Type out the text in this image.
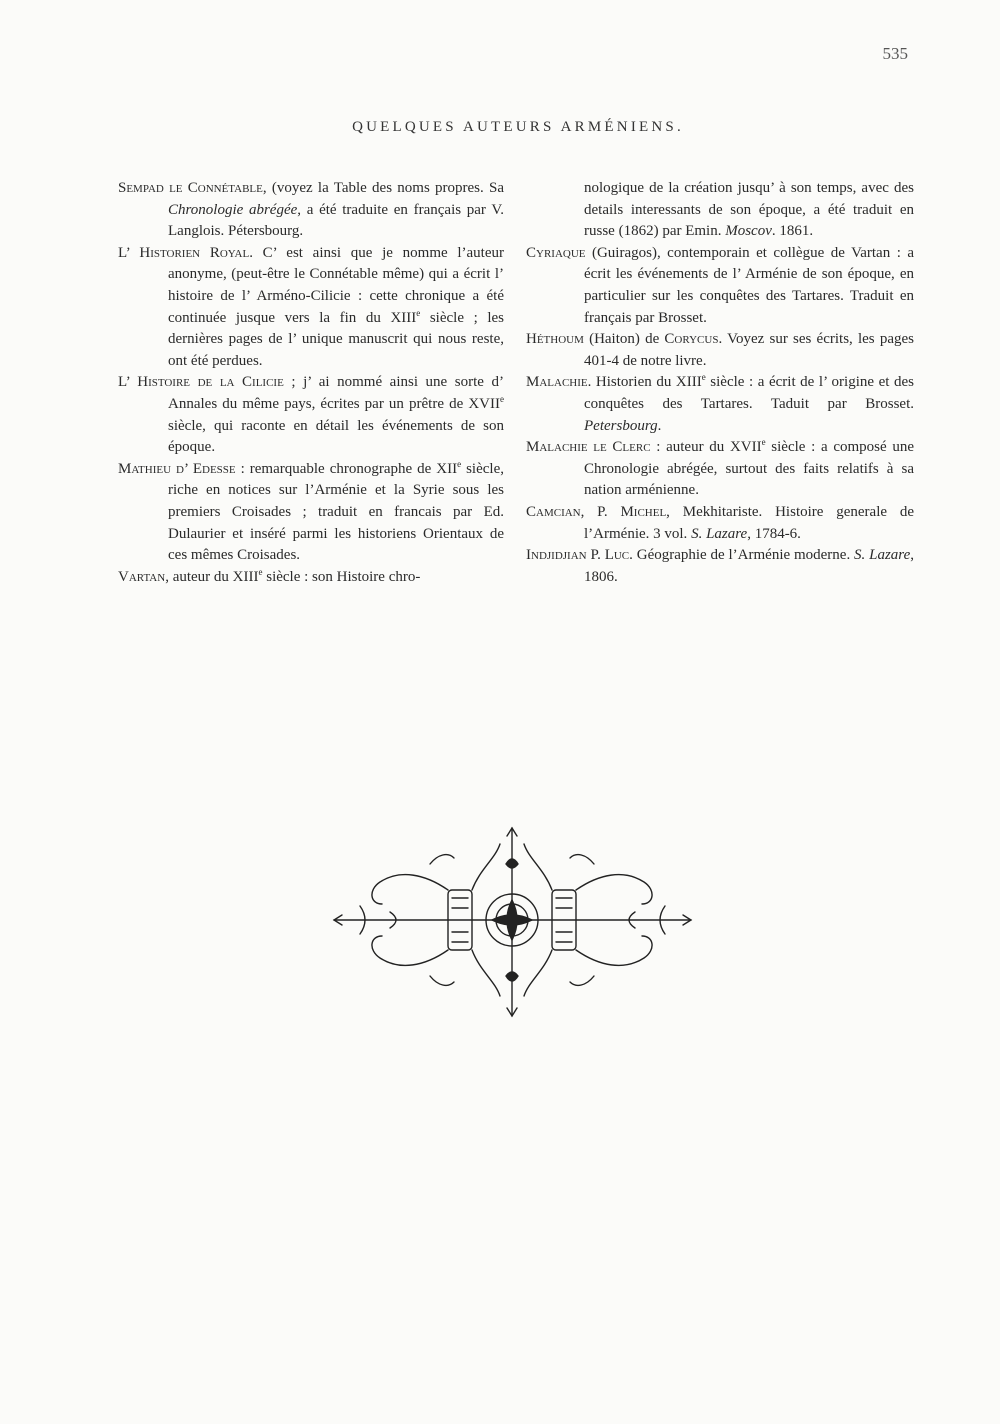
535
QUELQUES AUTEURS ARMÉNIENS.

Sempad le Connétable, (voyez la Table des noms propres. Sa Chronologie abrégée, a été traduite en français par V. Langlois. Pétersbourg.

L’ Historien Royal. C’ est ainsi que je nomme l’auteur anonyme, (peut-être le Connétable même) qui a écrit l’ histoire de l’ Arméno-Cilicie : cette chronique a été continuée jusque vers la fin du XIIIe siècle ; les dernières pages de l’ unique manuscrit qui nous reste, ont été perdues.

L’ Histoire de la Cilicie ; j’ ai nommé ainsi une sorte d’ Annales du même pays, écrites par un prêtre de XVIIe siècle, qui raconte en détail les événements de son époque.

Mathieu d’ Edesse : remarquable chronographe de XIIe siècle, riche en notices sur l’Arménie et la Syrie sous les premiers Croisades ; traduit en francais par Ed. Dulaurier et inséré parmi les historiens Orientaux de ces mêmes Croisades.

Vartan, auteur du XIIIe siècle : son Histoire chro-

nologique de la création jusqu’ à son temps, avec des details interessants de son époque, a été traduit en russe (1862) par Emin. Moscov. 1861.

Cyriaque (Guiragos), contemporain et collègue de Vartan : a écrit les événements de l’ Arménie de son époque, en particulier sur les conquêtes des Tartares. Traduit en français par Brosset.

Héthoum (Haiton) de Corycus. Voyez sur ses écrits, les pages 401-4 de notre livre.

Malachie. Historien du XIIIe siècle : a écrit de l’ origine et des conquêtes des Tartares. Taduit par Brosset. Petersbourg.

Malachie le Clerc : auteur du XVIIe siècle : a composé une Chronologie abrégée, surtout des faits relatifs à sa nation arménienne.

Camcian, P. Michel, Mekhitariste. Histoire generale de l’Arménie. 3 vol. S. Lazare, 1784-6.

Indjidjian P. Luc. Géographie de l’Arménie moderne. S. Lazare, 1806.
